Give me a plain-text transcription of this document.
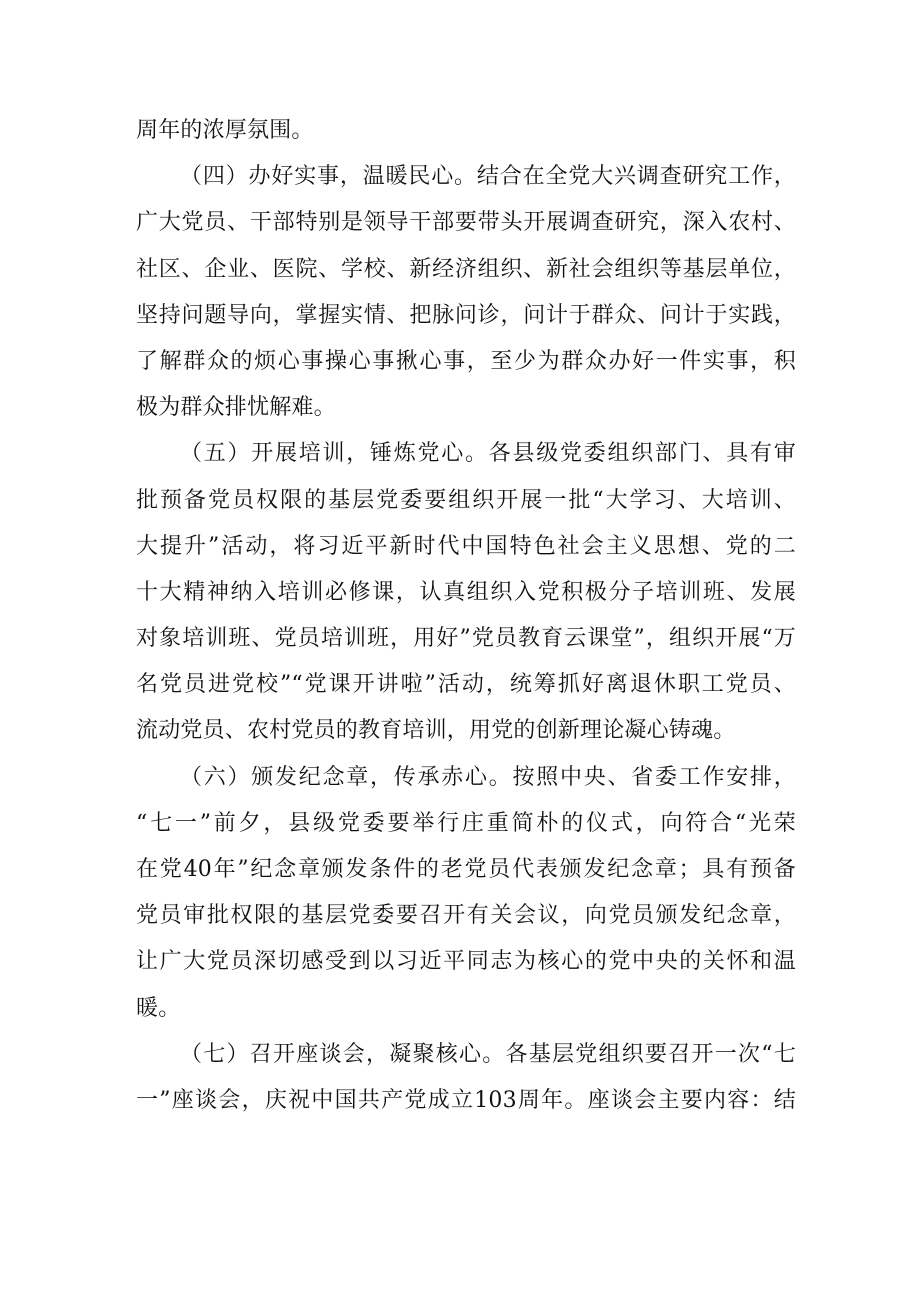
周年的浓厚氛围。
（四）办好实事，温暖民心。结合在全党大兴调查研究工作，
广大党员、干部特别是领导干部要带头开展调查研究，深入农村、
社区、企业、医院、学校、新经济组织、新社会组织等基层单位，
坚持问题导向，掌握实情、把脉问诊，问计于群众、问计于实践，
了解群众的烦心事操心事揪心事，至少为群众办好一件实事，积
极为群众排忧解难。
（五）开展培训，锤炼党心。各县级党委组织部门、具有审
批预备党员权限的基层党委要组织开展一批“大学习、大培训、
大提升”活动，将习近平新时代中国特色社会主义思想、党的二
十大精神纳入培训必修课，认真组织入党积极分子培训班、发展
对象培训班、党员培训班，用好”党员教育云课堂”，组织开展“万
名党员进党校”“党课开讲啦”活动，统筹抓好离退休职工党员、
流动党员、农村党员的教育培训，用党的创新理论凝心铸魂。
（六）颁发纪念章，传承赤心。按照中央、省委工作安排，
“七一”前夕，县级党委要举行庄重简朴的仪式，向符合“光荣
在党40年”纪念章颁发条件的老党员代表颁发纪念章；具有预备
党员审批权限的基层党委要召开有关会议，向党员颁发纪念章，
让广大党员深切感受到以习近平同志为核心的党中央的关怀和温
暖。
（七）召开座谈会，凝聚核心。各基层党组织要召开一次“七
一”座谈会，庆祝中国共产党成立103周年。座谈会主要内容：结
